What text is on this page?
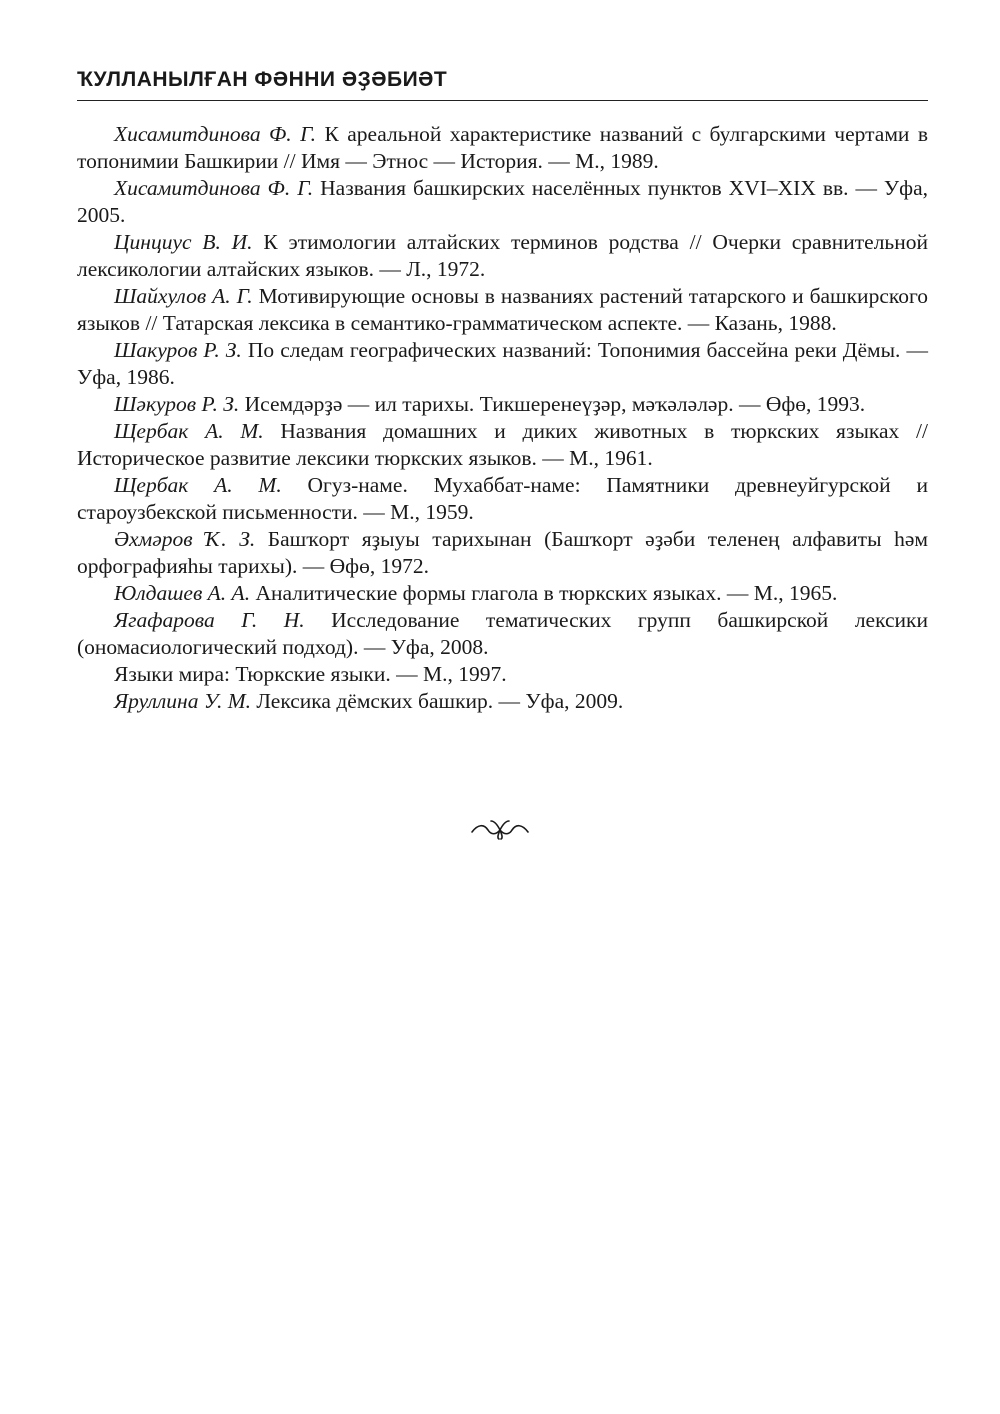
ҠУЛЛАНЫЛҒАН ФӘННИ ӘҘӘБИӘТ
Хисамитдинова Ф. Г. К ареальной характеристике названий с булгарскими чертами в топонимии Башкирии // Имя — Этнос — История. — М., 1989.
Хисамитдинова Ф. Г. Названия башкирских населённых пунктов XVI–XIX вв. — Уфа, 2005.
Цинциус В. И. К этимологии алтайских терминов родства // Очерки сравнительной лексикологии алтайских языков. — Л., 1972.
Шайхулов А. Г. Мотивирующие основы в названиях растений татарского и башкирского языков // Татарская лексика в семантико-грамматическом аспекте. — Казань, 1988.
Шакуров Р. З. По следам географических названий: Топонимия бассейна реки Дёмы. — Уфа, 1986.
Шәкуров Р. З. Исемдәрҙә — ил тарихы. Тикшеренеүҙәр, мәҡәләләр. — Өфө, 1993.
Щербак А. М. Названия домашних и диких животных в тюркских языках // Историческое развитие лексики тюркских языков. — М., 1961.
Щербак А. М. Огуз-наме. Мухаббат-наме: Памятники древнеуйгурской и староузбекской письменности. — М., 1959.
Әхмәров Ҡ. З. Башҡорт яҙыуы тарихынан (Башҡорт әҙәби теленең алфавиты һәм орфографияһы тарихы). — Өфө, 1972.
Юлдашев А. А. Аналитические формы глагола в тюркских языках. — М., 1965.
Ягафарова Г. Н. Исследование тематических групп башкирской лексики (ономасиологический подход). — Уфа, 2008.
Языки мира: Тюркские языки. — М., 1997.
Яруллина У. М. Лексика дёмских башкир. — Уфа, 2009.
